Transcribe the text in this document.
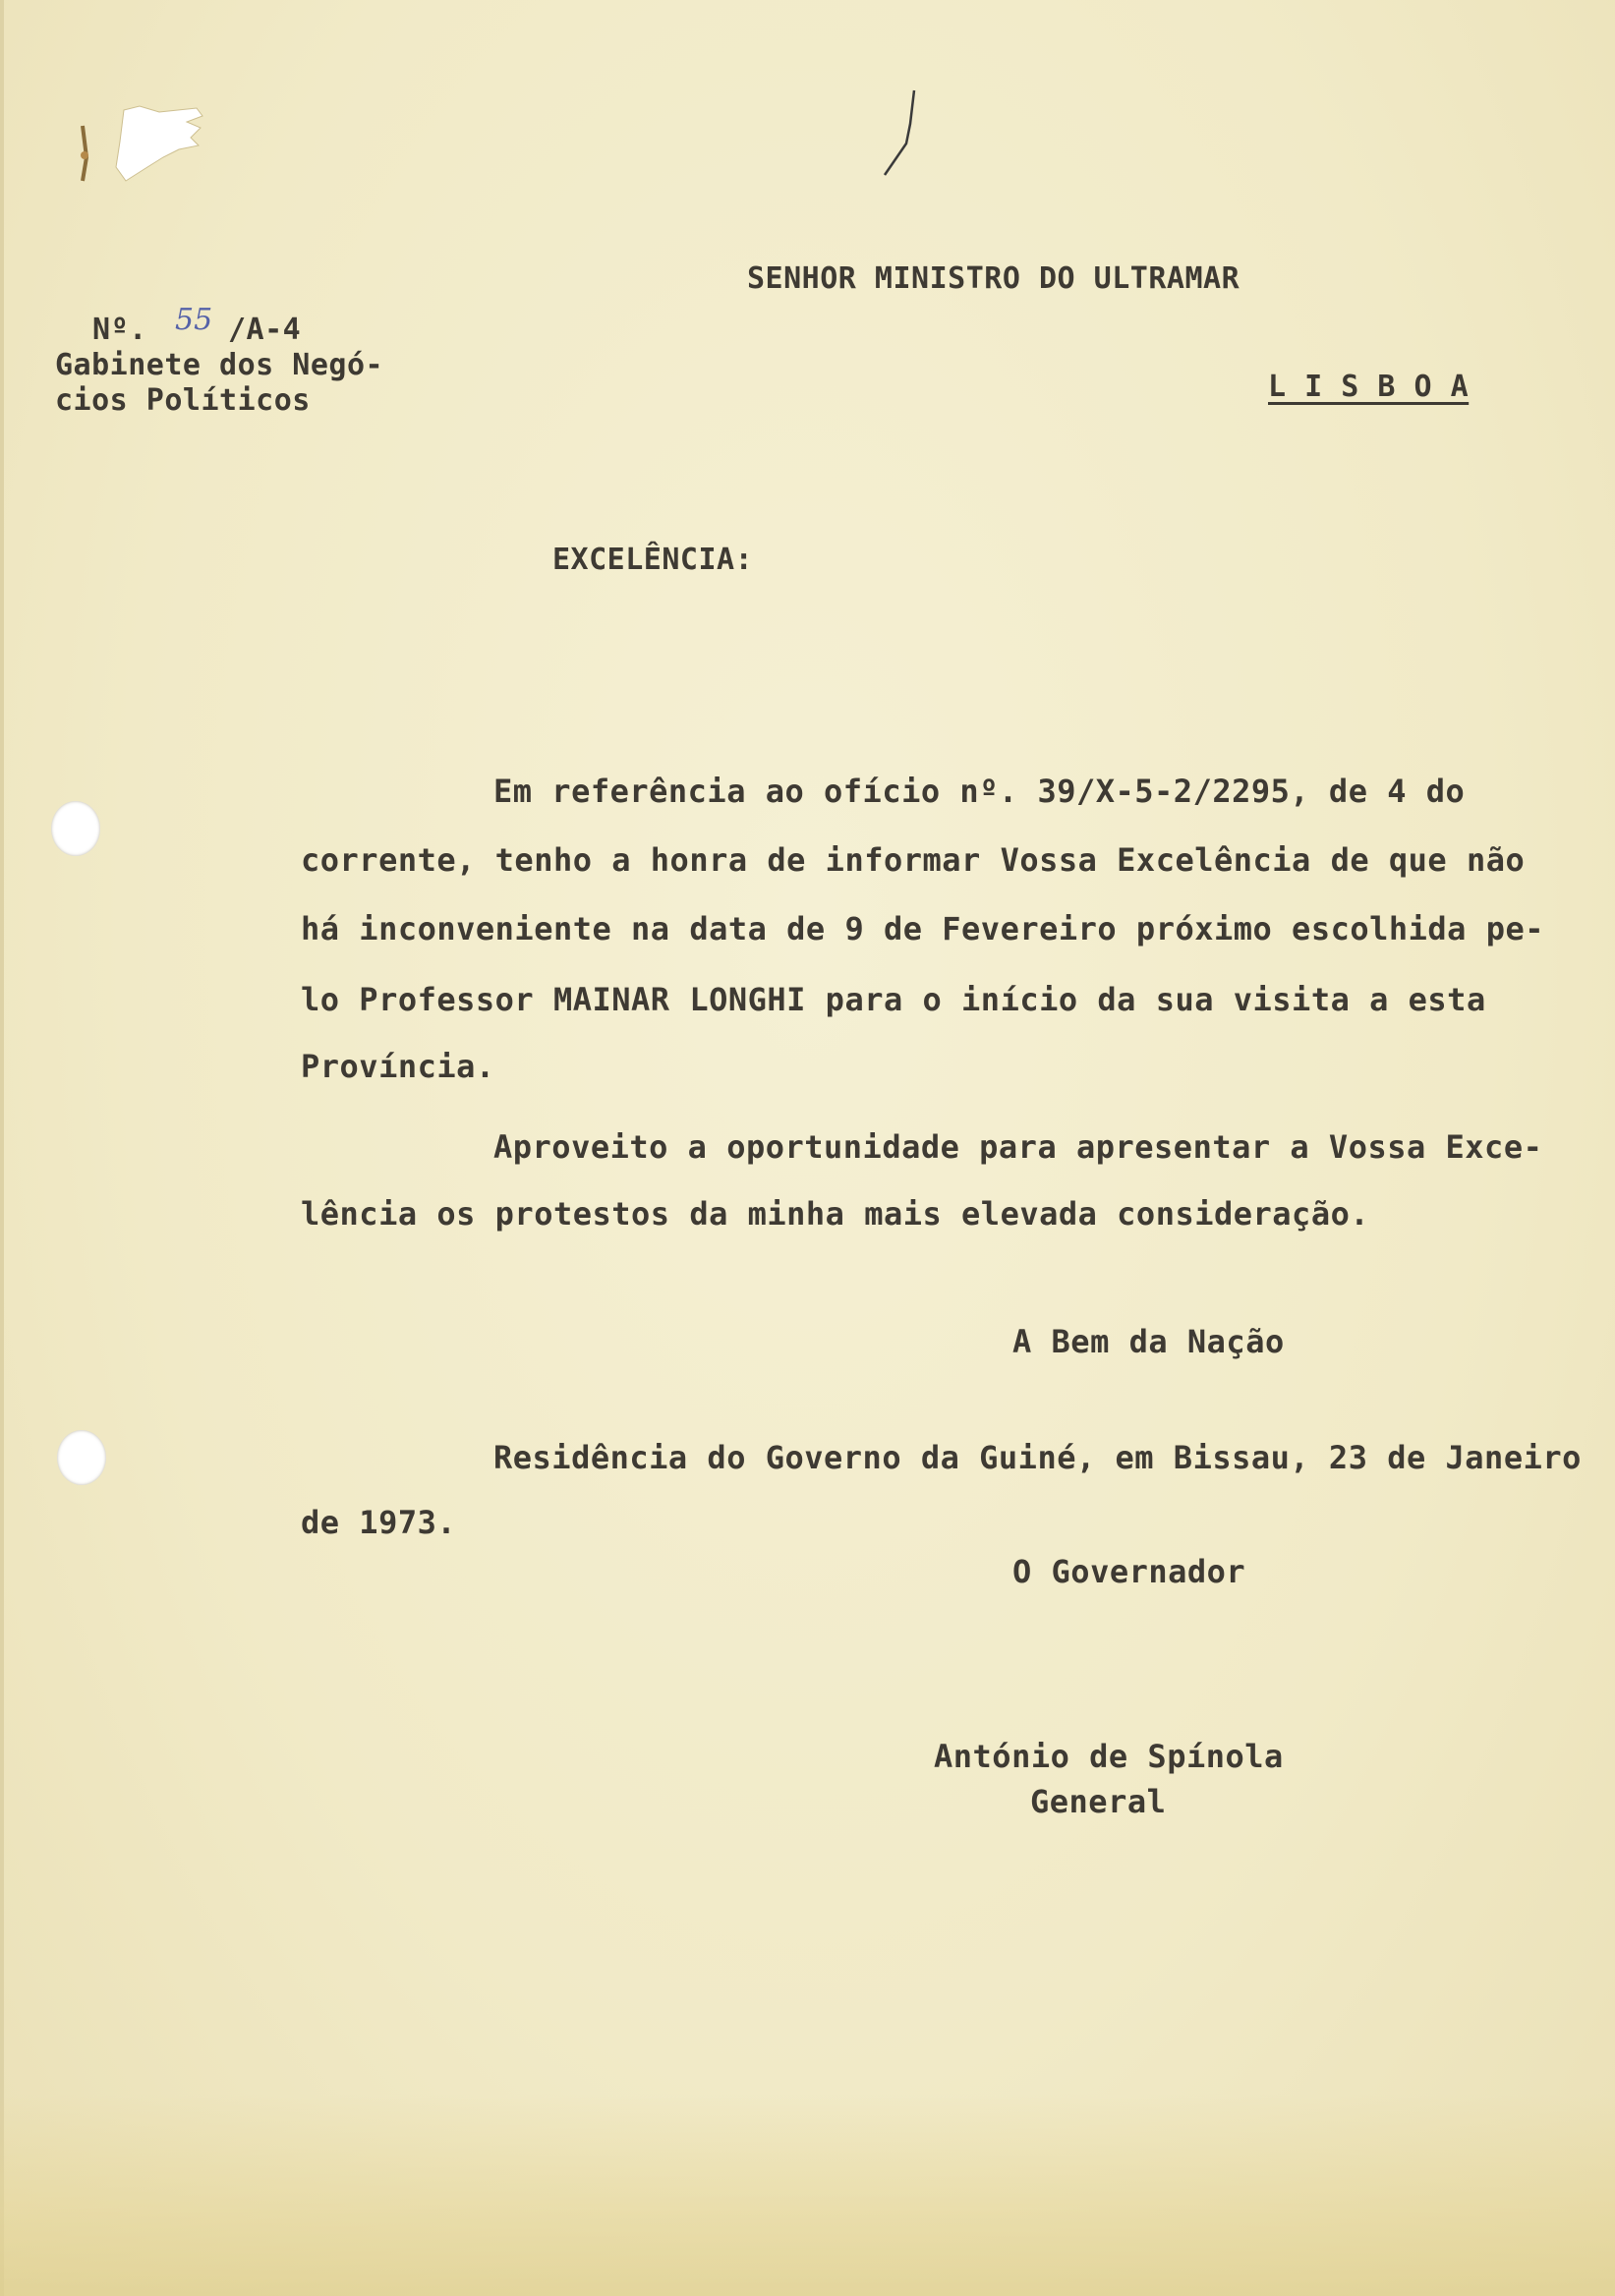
SENHOR MINISTRO DO ULTRAMAR
L I S B O A
Nº. 55 /A-4
Gabinete dos Negó-
cios Políticos
EXCELÊNCIA:
Em referência ao ofício nº. 39/X-5-2/2295, de 4 do
corrente, tenho a honra de informar Vossa Excelência de que não
há inconveniente na data de 9 de Fevereiro próximo escolhida pe-
lo Professor MAINAR LONGHI para o início da sua visita a esta
Província.
Aproveito a oportunidade para apresentar a Vossa Exce-
lência os protestos da minha mais elevada consideração.
A Bem da Nação
Residência do Governo da Guiné, em Bissau, 23 de Janeiro
de 1973.
O Governador
António de Spínola
General
